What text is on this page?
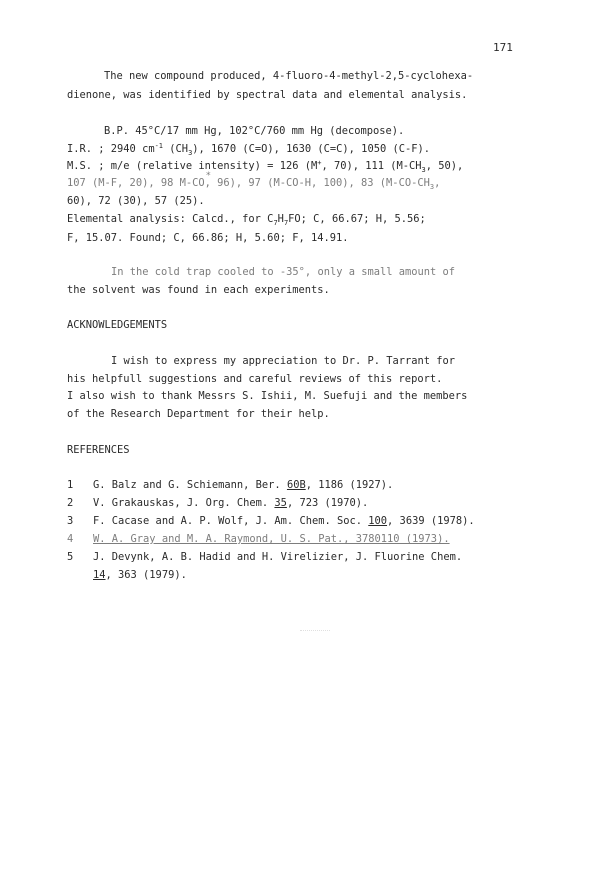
171
The new compound produced, 4-fluoro-4-methyl-2,5-cyclohexa-
dienone, was identified by spectral data and elemental analysis.
B.P. 45°C/17 mm Hg, 102°C/760 mm Hg (decompose).
I.R. ; 2940 $cm^{-1}$ $(CH_3)$, 1670 (C=O), 1630 (C=C), 1050 (C-F).
M.S. ; m/e (relative intensity) = 126 (M+, 70), 111 ($M-CH_3$, 50),
107 (M-F, 20), 98 M-CO, 96), 97 (M-CO-H, 100), 83 ($M-CO-CH_3$,
60), 72 (30), 57 (25).
Elemental analysis: Calcd., for $C_7H_7FO$; C, 66.67; H, 5.56;
F, 15.07. Found; C, 66.86; H, 5.60; F, 14.91.
In the cold trap cooled to -35°, only a small amount of
the solvent was found in each experiments.
ACKNOWLEDGEMENTS
I wish to express my appreciation to Dr. P. Tarrant for
his helpfull suggestions and careful reviews of this report.
I also wish to thank Messrs S. Ishii, M. Suefuji and the members
of the Research Department for their help.
REFERENCES
1 G. Balz and G. Schiemann, Ber. 60B, 1186 (1927).
2 V. Grakauskas, J. Org. Chem. 35, 723 (1970).
3 F. Cacase and A. P. Wolf, J. Am. Chem. Soc. 100, 3639 (1978).
4 W. A. Gray and M. A. Raymond, U. S. Pat., 3780110 (1973).
5 J. Devynk, A. B. Hadid and H. Virelizier, J. Fluorine Chem.
14, 363 (1979).
